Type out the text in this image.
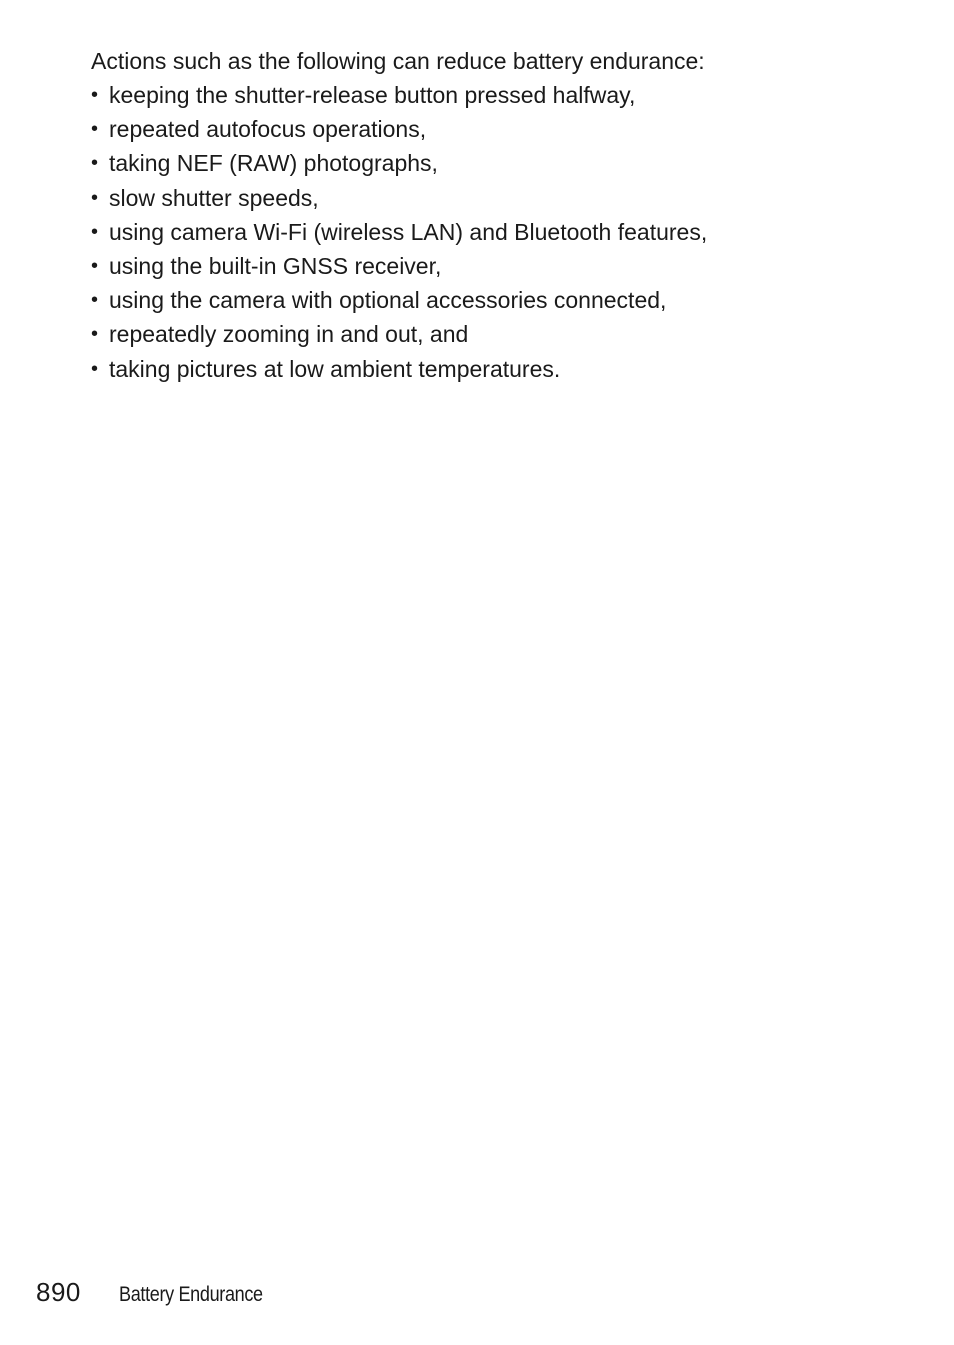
Actions such as the following can reduce battery endurance:

• keeping the shutter-release button pressed halfway,
• repeated autofocus operations,
• taking NEF (RAW) photographs,
• slow shutter speeds,
• using camera Wi-Fi (wireless LAN) and Bluetooth features,
• using the built-in GNSS receiver,
• using the camera with optional accessories connected,
• repeatedly zooming in and out, and
• taking pictures at low ambient temperatures.
890 Battery Endurance
